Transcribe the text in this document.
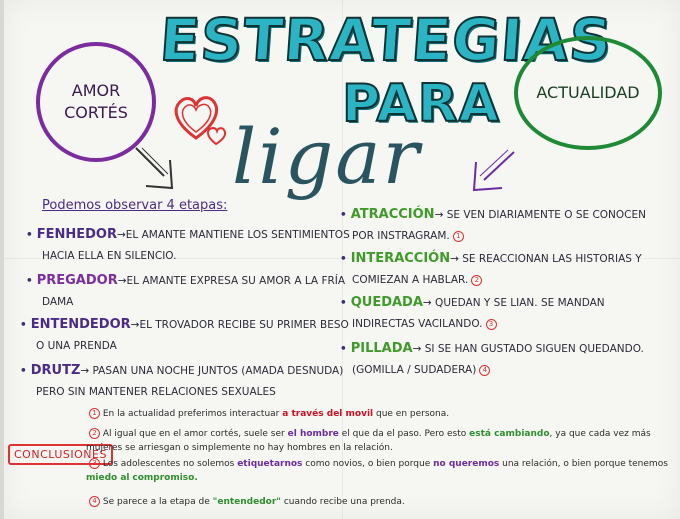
ESTRATEGIAS
PARA
ligar
AMOR
CORTÉS
ACTUALIDAD
Podemos observar 4 etapas:
• FENHEDOR→EL AMANTE MANTIENE LOS SENTIMIENTOS
HACIA ELLA EN SILENCIO.
• PREGADOR→EL AMANTE EXPRESA SU AMOR A LA FRÍA
DAMA
• ENTENDEDOR→EL TROVADOR RECIBE SU PRIMER BESO
O UNA PRENDA
• DRUTZ→ PASAN UNA NOCHE JUNTOS (AMADA DESNUDA)
PERO SIN MANTENER RELACIONES SEXUALES
• ATRACCIÓN→ SE VEN DIARIAMENTE O SE CONOCEN
POR INSTRAGRAM. 1
• INTERACCIÓN→ SE REACCIONAN LAS HISTORIAS Y
COMIEZAN A HABLAR. 2
• QUEDADA→ QUEDAN Y SE LIAN. SE MANDAN
INDIRECTAS VACILANDO. 3
• PILLADA→ SI SE HAN GUSTADO SIGUEN QUEDANDO.
(GOMILLA / SUDADERA) 4
CONCLUSIONES
1 En la actualidad preferimos interactuar a través del movil que en persona.
2 Al igual que en el amor cortés, suele ser el hombre el que da el paso. Pero esto está cambiando, ya que cada vez más mujeres se arriesgan o simplemente no hay hombres en la relación.
3 Los adolescentes no solemos etiquetarnos como novios, o bien porque no queremos una relación, o bien porque tenemos miedo al compromiso.
4 Se parece a la etapa de "entendedor" cuando recibe una prenda.
